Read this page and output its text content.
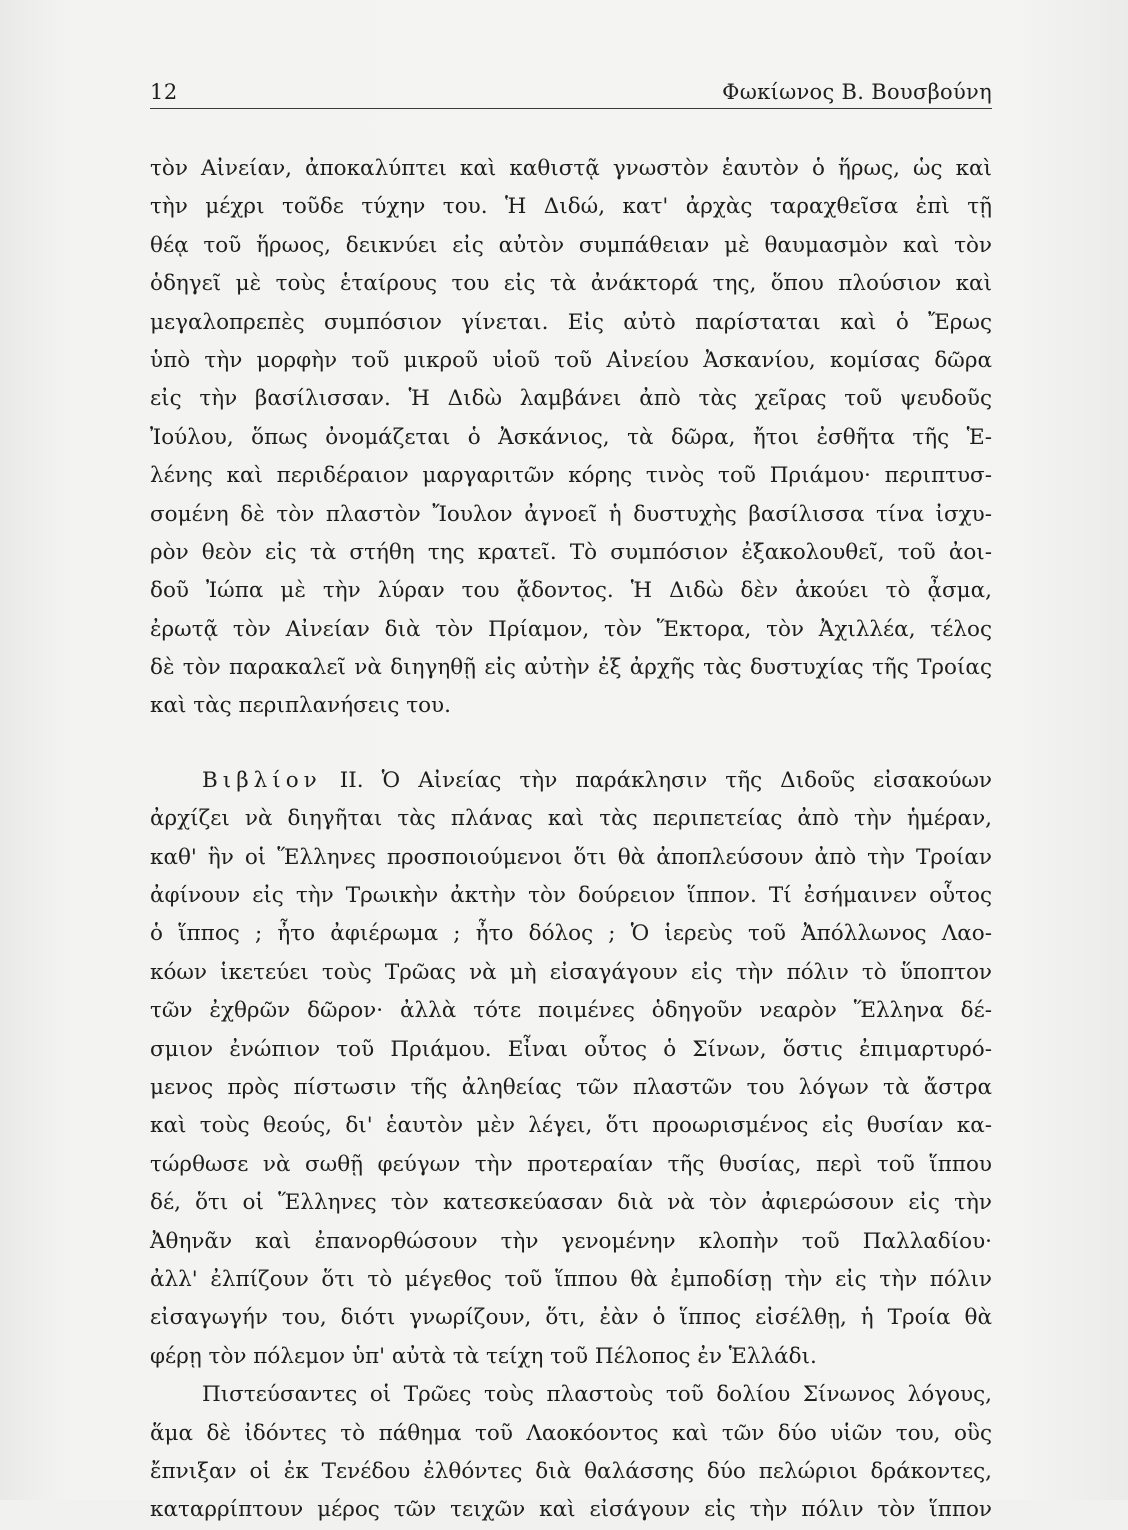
12	Φωκίωνος Β. Βουσβούνη
τὸν Αἰνείαν, ἀποκαλύπτει καὶ καθιστᾷ γνωστὸν ἑαυτὸν ὁ ἥρως, ὡς καὶ
τὴν μέχρι τοῦδε τύχην του. Ἡ Διδώ, κατ' ἀρχὰς ταραχθεῖσα ἐπὶ τῇ
θέᾳ τοῦ ἥρωος, δεικνύει εἰς αὐτὸν συμπάθειαν μὲ θαυμασμὸν καὶ τὸν
ὁδηγεῖ μὲ τοὺς ἑταίρους του εἰς τὰ ἀνάκτορά της, ὅπου πλούσιον καὶ
μεγαλοπρεπὲς συμπόσιον γίνεται. Εἰς αὐτὸ παρίσταται καὶ ὁ Ἔρως
ὑπὸ τὴν μορφὴν τοῦ μικροῦ υἱοῦ τοῦ Αἰνείου Ἀσκανίου, κομίσας δῶρα
εἰς τὴν βασίλισσαν. Ἡ Διδὼ λαμβάνει ἀπὸ τὰς χεῖρας τοῦ ψευδοῦς
Ἰούλου, ὅπως ὀνομάζεται ὁ Ἀσκάνιος, τὰ δῶρα, ἤτοι ἐσθῆτα τῆς Ἑ-
λένης καὶ περιδέραιον μαργαριτῶν κόρης τινὸς τοῦ Πριάμου· περιπτυσ-
σομένη δὲ τὸν πλαστὸν Ἴουλον ἀγνοεῖ ἡ δυστυχὴς βασίλισσα τίνα ἰσχυ-
ρὸν θεὸν εἰς τὰ στήθη της κρατεῖ. Τὸ συμπόσιον ἐξακολουθεῖ, τοῦ ἀοι-
δοῦ Ἰώπα μὲ τὴν λύραν του ᾄδοντος. Ἡ Διδὼ δὲν ἀκούει τὸ ᾆσμα,
ἐρωτᾷ τὸν Αἰνείαν διὰ τὸν Πρίαμον, τὸν Ἕκτορα, τὸν Ἀχιλλέα, τέλος
δὲ τὸν παρακαλεῖ νὰ διηγηθῇ εἰς αὐτὴν ἐξ ἀρχῆς τὰς δυστυχίας τῆς Τροίας
καὶ τὰς περιπλανήσεις του.
Βιβλίον II. Ὁ Αἰνείας τὴν παράκλησιν τῆς Διδοῦς εἰσακούων
ἀρχίζει νὰ διηγῆται τὰς πλάνας καὶ τὰς περιπετείας ἀπὸ τὴν ἡμέραν,
καθ' ἣν οἱ Ἕλληνες προσποιούμενοι ὅτι θὰ ἀποπλεύσουν ἀπὸ τὴν Τροίαν
ἀφίνουν εἰς τὴν Τρωικὴν ἀκτὴν τὸν δούρειον ἵππον. Τί ἐσήμαινεν οὗτος
ὁ ἵππος ; ἦτο ἀφιέρωμα ; ἦτο δόλος ; Ὁ ἱερεὺς τοῦ Ἀπόλλωνος Λαο-
κόων ἱκετεύει τοὺς Τρῶας νὰ μὴ εἰσαγάγουν εἰς τὴν πόλιν τὸ ὕποπτον
τῶν ἐχθρῶν δῶρον· ἀλλὰ τότε ποιμένες ὁδηγοῦν νεαρὸν Ἕλληνα δέ-
σμιον ἐνώπιον τοῦ Πριάμου. Εἶναι οὗτος ὁ Σίνων, ὅστις ἐπιμαρτυρό-
μενος πρὸς πίστωσιν τῆς ἀληθείας τῶν πλαστῶν του λόγων τὰ ἄστρα
καὶ τοὺς θεούς, δι' ἑαυτὸν μὲν λέγει, ὅτι προωρισμένος εἰς θυσίαν κα-
τώρθωσε νὰ σωθῇ φεύγων τὴν προτεραίαν τῆς θυσίας, περὶ τοῦ ἵππου
δέ, ὅτι οἱ Ἕλληνες τὸν κατεσκεύασαν διὰ νὰ τὸν ἀφιερώσουν εἰς τὴν
Ἀθηνᾶν καὶ ἐπανορθώσουν τὴν γενομένην κλοπὴν τοῦ Παλλαδίου·
ἀλλ' ἐλπίζουν ὅτι τὸ μέγεθος τοῦ ἵππου θὰ ἐμποδίσῃ τὴν εἰς τὴν πόλιν
εἰσαγωγήν του, διότι γνωρίζουν, ὅτι, ἐὰν ὁ ἵππος εἰσέλθῃ, ἡ Τροία θὰ
φέρῃ τὸν πόλεμον ὑπ' αὐτὰ τὰ τείχη τοῦ Πέλοπος ἐν Ἑλλάδι.
Πιστεύσαντες οἱ Τρῶες τοὺς πλαστοὺς τοῦ δολίου Σίνωνος λόγους,
ἅμα δὲ ἰδόντες τὸ πάθημα τοῦ Λαοκόοντος καὶ τῶν δύο υἱῶν του, οὓς
ἔπνιξαν οἱ ἐκ Τενέδου ἐλθόντες διὰ θαλάσσης δύο πελώριοι δράκοντες,
καταρρίπτουν μέρος τῶν τειχῶν καὶ εἰσάγουν εἰς τὴν πόλιν τὸν ἵππον
